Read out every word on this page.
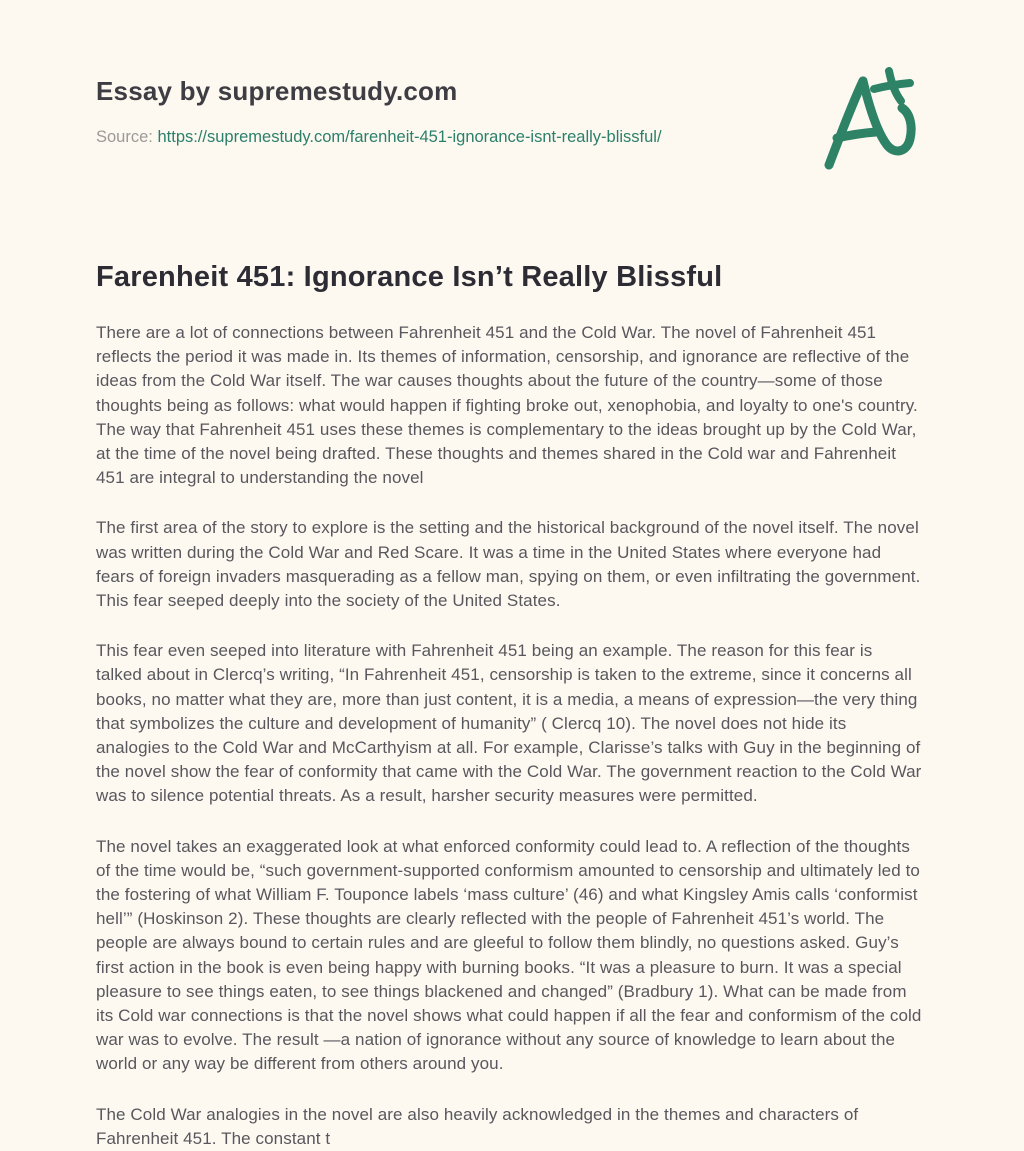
Essay by supremestudy.com
Source: https://supremestudy.com/farenheit-451-ignorance-isnt-really-blissful/
Farenheit 451: Ignorance Isn’t Really Blissful

There are a lot of connections between Fahrenheit 451 and the Cold War. The novel of Fahrenheit 451 reflects the period it was made in. Its themes of information, censorship, and ignorance are reflective of the ideas from the Cold War itself. The war causes thoughts about the future of the country—some of those thoughts being as follows: what would happen if fighting broke out, xenophobia, and loyalty to one's country. The way that Fahrenheit 451 uses these themes is complementary to the ideas brought up by the Cold War, at the time of the novel being drafted. These thoughts and themes shared in the Cold war and Fahrenheit 451 are integral to understanding the novel

The first area of the story to explore is the setting and the historical background of the novel itself. The novel was written during the Cold War and Red Scare. It was a time in the United States where everyone had fears of foreign invaders masquerading as a fellow man, spying on them, or even infiltrating the government. This fear seeped deeply into the society of the United States.

This fear even seeped into literature with Fahrenheit 451 being an example. The reason for this fear is talked about in Clercq’s writing, “In Fahrenheit 451, censorship is taken to the extreme, since it concerns all books, no matter what they are, more than just content, it is a media, a means of expression—the very thing that symbolizes the culture and development of humanity” ( Clercq 10). The novel does not hide its analogies to the Cold War and McCarthyism at all. For example, Clarisse’s talks with Guy in the beginning of the novel show the fear of conformity that came with the Cold War. The government reaction to the Cold War was to silence potential threats. As a result, harsher security measures were permitted.

The novel takes an exaggerated look at what enforced conformity could lead to. A reflection of the thoughts of the time would be, “such government-supported conformism amounted to censorship and ultimately led to the fostering of what William F. Touponce labels ‘mass culture’ (46) and what Kingsley Amis calls ‘conformist hell’” (Hoskinson 2). These thoughts are clearly reflected with the people of Fahrenheit 451’s world. The people are always bound to certain rules and are gleeful to follow them blindly, no questions asked. Guy’s first action in the book is even being happy with burning books. “It was a pleasure to burn. It was a special pleasure to see things eaten, to see things blackened and changed” (Bradbury 1). What can be made from its Cold war connections is that the novel shows what could happen if all the fear and conformism of the cold war was to evolve. The result —a nation of ignorance without any source of knowledge to learn about the world or any way be different from others around you.

The Cold War analogies in the novel are also heavily acknowledged in the themes and characters of Fahrenheit 451. The constant t
